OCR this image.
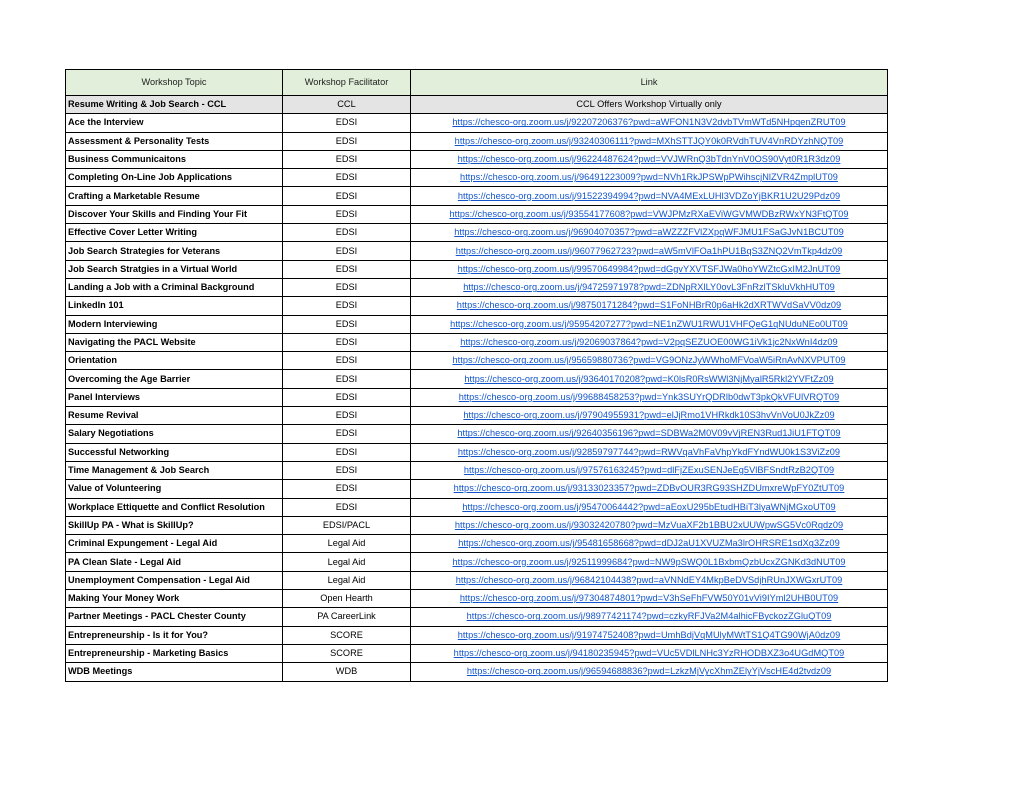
Workshop Topic	Workshop Facilitator	Link
Resume Writing & Job Search - CCL	CCL	CCL Offers Workshop Virtually only
Ace the Interview	EDSI	https://chesco-org.zoom.us/j/92207206376?pwd=aWFON1N3V2dvbTVmWTd5NHpqenZRUT09
Assessment & Personality Tests	EDSI	https://chesco-org.zoom.us/j/93240306111?pwd=MXhSTTJQY0k0RVdhTUV4VnRDYzhNQT09
Business Communicaitons	EDSI	https://chesco-org.zoom.us/j/96224487624?pwd=VVJWRnQ3bTdnYnV0OS90Vyt0R1R3dz09
Completing On-Line Job Applications	EDSI	https://chesco-org.zoom.us/j/96491223009?pwd=NVh1RkJPSWpPWihscjNlZVR4ZmplUT09
Crafting a Marketable Resume	EDSI	https://chesco-org.zoom.us/j/91522394994?pwd=NVA4MExLUHl3VDZoYjBKR1U2U29Pdz09
Discover Your Skills and Finding Your Fit	EDSI	https://chesco-org.zoom.us/j/93554177608?pwd=VWJPMzRXaEViWGVMWDBzRWxYN3FtQT09
Effective Cover Letter Writing	EDSI	https://chesco-org.zoom.us/j/96904070357?pwd=aWZZZFVlZXpqWFJMU1FSaGJvN1BCUT09
Job Search Strategies for Veterans	EDSI	https://chesco-org.zoom.us/j/96077962723?pwd=aW5mVlFOa1hPU1BqS3ZNQ2VmTkp4dz09
Job Search Stratgies in a Virtual World	EDSI	https://chesco-org.zoom.us/j/99570649984?pwd=dGgvYXVTSFJWa0hoYWZtcGxIM2JnUT09
Landing a Job with a Criminal Background	EDSI	https://chesco-org.zoom.us/j/94725971978?pwd=ZDNpRXlLY0ovL3FnRzlTSkluVkhHUT09
LinkedIn 101	EDSI	https://chesco-org.zoom.us/j/98750171284?pwd=S1FoNHBrR0p6aHk2dXRTWVdSaVV0dz09
Modern Interviewing	EDSI	https://chesco-org.zoom.us/j/95954207277?pwd=NE1nZWU1RWU1VHFQeG1qNUduNEo0UT09
Navigating the PACL Website	EDSI	https://chesco-org.zoom.us/j/92069037864?pwd=V2pqSEZUOE00WG1iVk1jc2NxWnI4dz09
Orientation	EDSI	https://chesco-org.zoom.us/j/95659880736?pwd=VG9ONzJyWWhoMFVoaW5iRnAvNXVPUT09
Overcoming the Age Barrier	EDSI	https://chesco-org.zoom.us/j/93640170208?pwd=K0lsR0RsWWl3NjMyalR5Rkl2YVFtZz09
Panel Interviews	EDSI	https://chesco-org.zoom.us/j/99688458253?pwd=Ynk3SUYrQDRlb0dwT3pkQkVFUlVRQT09
Resume Revival	EDSI	https://chesco-org.zoom.us/j/97904955931?pwd=elJjRmo1VHRkdk10S3hvVnVoU0JkZz09
Salary Negotiations	EDSI	https://chesco-org.zoom.us/j/92640356196?pwd=SDBWa2M0V09vVjREN3Rud1JiU1FTQT09
Successful Networking	EDSI	https://chesco-org.zoom.us/j/92859797744?pwd=RWVqaVhFaVhpYkdFYndWU0k1S3ViZz09
Time Management & Job Search	EDSI	https://chesco-org.zoom.us/j/97576163245?pwd=dlFjZExuSENJeEg5VlBFSndtRzB2QT09
Value of Volunteering	EDSI	https://chesco-org.zoom.us/j/93133023357?pwd=ZDBvOUR3RG93SHZDUmxreWpFY0ZtUT09
Workplace Ettiquette and Conflict Resolution	EDSI	https://chesco-org.zoom.us/j/95470064442?pwd=aEoxU295bEtudHBiT3lyaWNjMGxoUT09
SkillUp PA - What is SkillUp?	EDSI/PACL	https://chesco-org.zoom.us/j/93032420780?pwd=MzVuaXF2b1BBU2xUUWpwSG5Vc0Rqdz09
Criminal Expungement - Legal Aid	Legal Aid	https://chesco-org.zoom.us/j/95481658668?pwd=dDJ2aU1XVUZMa3lrOHRSRE1sdXg3Zz09
PA Clean Slate - Legal Aid	Legal Aid	https://chesco-org.zoom.us/j/92511999684?pwd=NW9pSWQ0L1BxbmQzbUcxZGNKd3dNUT09
Unemployment Compensation - Legal Aid	Legal Aid	https://chesco-org.zoom.us/j/96842104438?pwd=aVNNdEY4MkpBeDVSdjhRUnJXWGxrUT09
Making Your Money Work	Open Hearth	https://chesco-org.zoom.us/j/97304874801?pwd=V3hSeFhFVW50Y01vVi9IYml2UHB0UT09
Partner Meetings - PACL Chester County	PA CareerLink	https://chesco-org.zoom.us/j/98977421174?pwd=czkyRFJVa2M4alhicFByckozZGluQT09
Entrepreneurship - Is it for You?	SCORE	https://chesco-org.zoom.us/j/91974752408?pwd=UmhBdjVqMUlyMWtTS1Q4TG90WjA0dz09
Entrepreneurship - Marketing Basics	SCORE	https://chesco-org.zoom.us/j/94180235945?pwd=VUc5VDlLNHc3YzRHODBXZ3o4UGdMQT09
WDB Meetings	WDB	https://chesco-org.zoom.us/j/96594688836?pwd=LzkzMjVycXhmZElyYjVscHE4d2tvdz09
